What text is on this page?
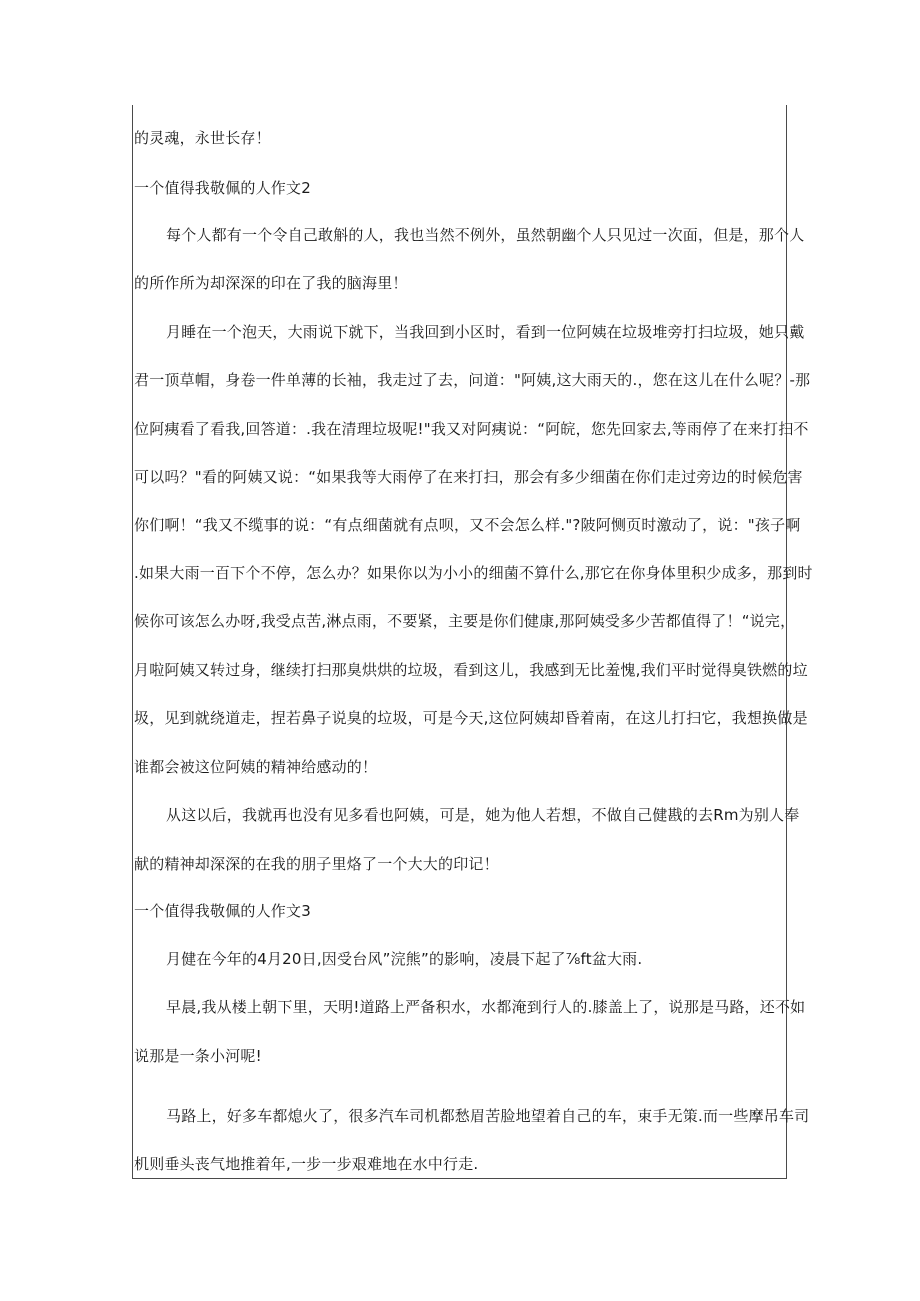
的灵魂，永世长存！
一个值得我敬佩的人作文2
每个人都有一个令自己敢斛的人，我也当然不例外，虽然朝幽个人只见过一次面，但是，那个人
的所作所为却深深的印在了我的脑海里！
月睡在一个泡天，大雨说下就下，当我回到小区时，看到一位阿姨在垃圾堆旁打扫垃圾，她只戴
君一顶草帽，身卷一件单薄的长袖，我走过了去，问道："阿姨,这大雨天的.，您在这儿在什么呢？-那
位阿痍看了看我,回答道：.我在清理垃圾呢!"我又对阿痍说：“阿皖，您先回家去,等雨停了在来打扫不
可以吗？"看的阿姨又说：“如果我等大雨停了在来打扫，那会有多少细菌在你们走过旁边的时候危害
你们啊！“我又不缆事的说：“有点细菌就有点呗，又不会怎么样."?陂阿恻页时激动了，说："孩子啊
.如果大雨一百下个不停，怎么办？如果你以为小小的细菌不算什么,那它在你身体里积少成多，那到时
候你可该怎么办呀,我受点苦,淋点雨，不要紧，主要是你们健康,那阿姨受多少苦都值得了！“说完，
月啦阿姨又转过身，继续打扫那臭烘烘的垃圾，看到这儿，我感到无比羞愧,我们平时觉得臭铁燃的垃
圾，见到就绕道走，捏若鼻子说臭的垃圾，可是今天,这位阿姨却昏着南，在这儿打扫它，我想换做是
谁都会被这位阿姨的精神给感动的！
从这以后，我就再也没有见多看也阿姨，可是，她为他人若想，不做自己健戡的去Rm为别人奉
献的精神却深深的在我的朋子里烙了一个大大的印记！
一个值得我敬佩的人作文3
月健在今年的4月20日,因受台风”浣熊”的影响，凌晨下起了⅞ft盆大雨.
早晨,我从楼上朝下里，天明!道路上严备积水，水都淹到行人的.膝盖上了，说那是马路，还不如
说那是一条小河呢!
马路上，好多车都熄火了，很多汽车司机都愁眉苦脸地望着自己的车，束手无策.而一些摩吊车司
机则垂头丧气地推着年,一步一步艰难地在水中行走.
